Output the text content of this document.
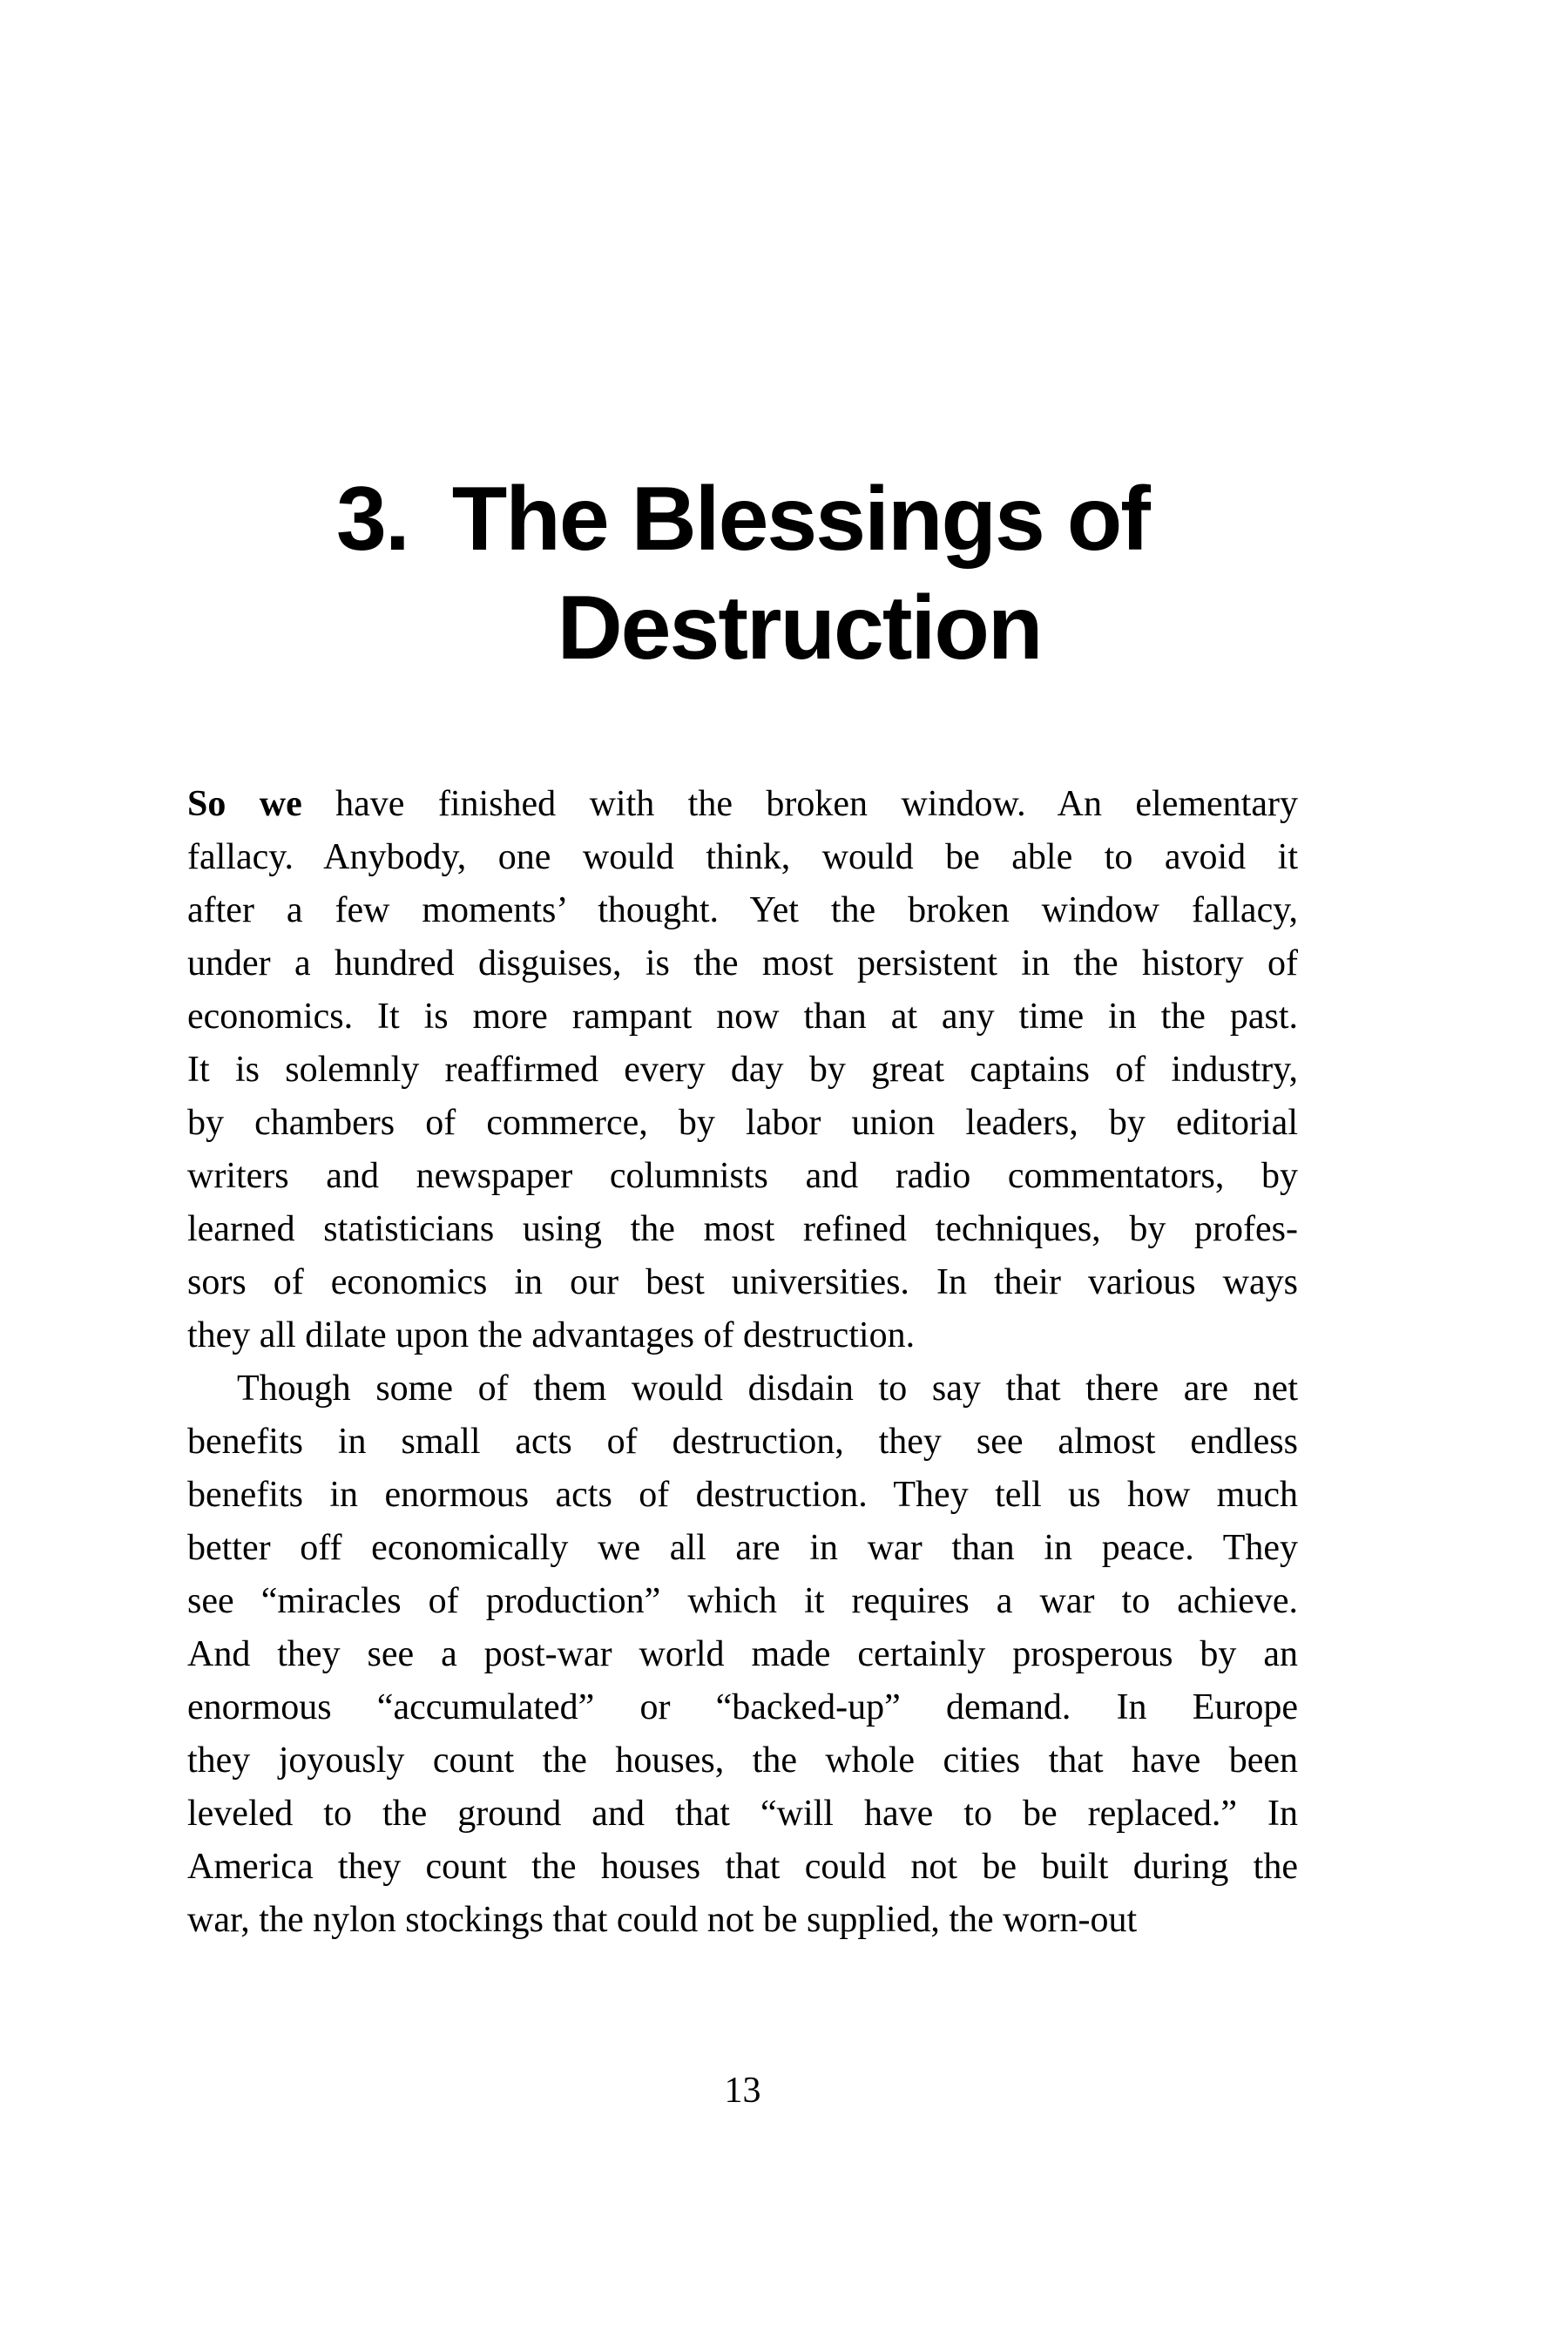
3. The Blessings of
Destruction
So we have finished with the broken window. An elementary
fallacy. Anybody, one would think, would be able to avoid it
after a few moments’ thought. Yet the broken window fallacy,
under a hundred disguises, is the most persistent in the history of
economics. It is more rampant now than at any time in the past.
It is solemnly reaffirmed every day by great captains of industry,
by chambers of commerce, by labor union leaders, by editorial
writers and newspaper columnists and radio commentators, by
learned statisticians using the most refined techniques, by profes-
sors of economics in our best universities. In their various ways
they all dilate upon the advantages of destruction.
Though some of them would disdain to say that there are net
benefits in small acts of destruction, they see almost endless
benefits in enormous acts of destruction. They tell us how much
better off economically we all are in war than in peace. They
see “miracles of production” which it requires a war to achieve.
And they see a post-war world made certainly prosperous by an
enormous “accumulated” or “backed-up” demand. In Europe
they joyously count the houses, the whole cities that have been
leveled to the ground and that “will have to be replaced.” In
America they count the houses that could not be built during the
war, the nylon stockings that could not be supplied, the worn-out
13
